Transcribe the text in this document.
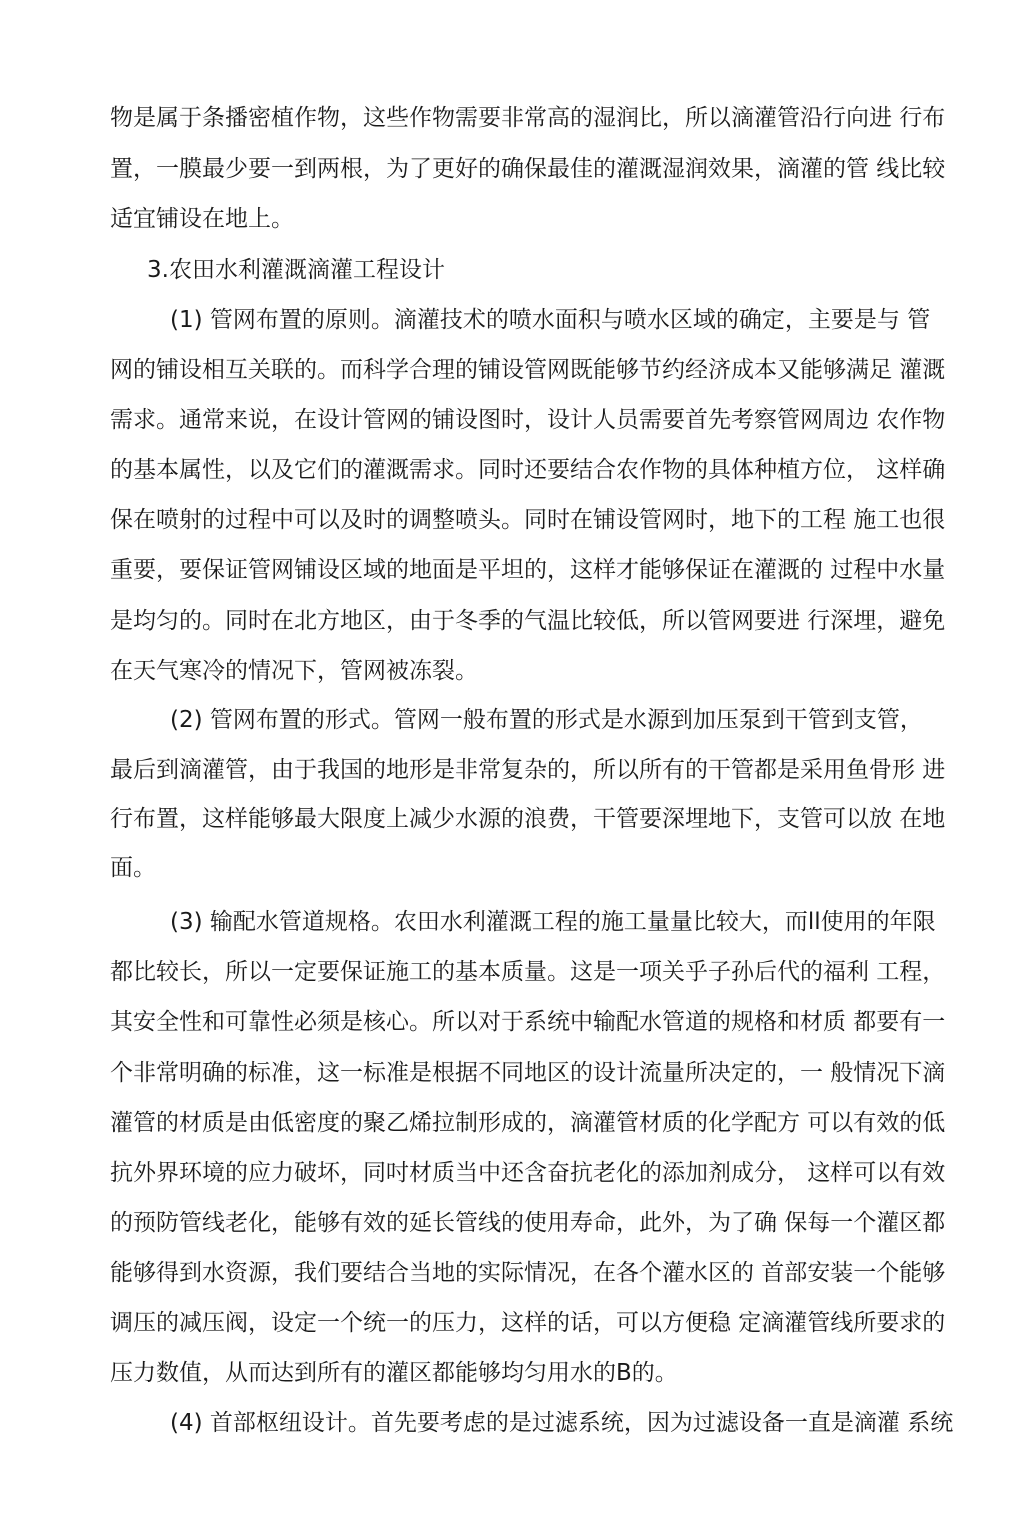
物是属于条播密植作物，这些作物需要非常高的湿润比，所以滴灌管沿行向进 行布
置，一膜最少要一到两根，为了更好的确保最佳的灌溉湿润效果，滴灌的管 线比较
适宜铺设在地上。
3.农田水利灌溉滴灌工程设计
(1) 管网布置的原则。滴灌技术的喷水面积与喷水区域的确定，主要是与 管
网的铺设相互关联的。而科学合理的铺设管网既能够节约经济成本又能够满足 灌溉
需求。通常来说，在设计管网的铺设图时，设计人员需要首先考察管网周边 农作物
的基本属性，以及它们的灌溉需求。同时还要结合农作物的具体种植方位， 这样确
保在喷射的过程中可以及时的调整喷头。同时在铺设管网时，地下的工程 施工也很
重要，要保证管网铺设区域的地面是平坦的，这样才能够保证在灌溉的 过程中水量
是均匀的。同时在北方地区，由于冬季的气温比较低，所以管网要进 行深埋，避免
在天气寒冷的情况下，管网被冻裂。
(2) 管网布置的形式。管网一般布置的形式是水源到加压泵到干管到支管，
最后到滴灌管，由于我国的地形是非常复杂的，所以所有的干管都是采用鱼骨形 进
行布置，这样能够最大限度上减少水源的浪费，干管要深埋地下，支管可以放 在地
面。
(3) 输配水管道规格。农田水利灌溉工程的施工量量比较大，而ll使用的年限
都比较长，所以一定要保证施工的基本质量。这是一项关乎子孙后代的福利 工程，
其安全性和可靠性必须是核心。所以对于系统中输配水管道的规格和材质 都要有一
个非常明确的标准，这一标准是根据不同地区的设计流量所决定的，一 般情况下滴
灌管的材质是由低密度的聚乙烯拉制形成的，滴灌管材质的化学配方 可以有效的低
抗外界环境的应力破坏，同吋材质当中还含奋抗老化的添加剂成分， 这样可以有效
的预防管线老化，能够有效的延长管线的使用寿命，此外，为了确 保每一个灌区都
能够得到水资源，我们要结合当地的实际情况，在各个灌水区的 首部安装一个能够
调压的减压阀，设定一个统一的压力，这样的话，可以方便稳 定滴灌管线所要求的
压力数值，从而达到所有的灌区都能够均匀用水的B的。
(4) 首部枢纽设计。首先要考虑的是过滤系统，因为过滤设备一直是滴灌 系统
